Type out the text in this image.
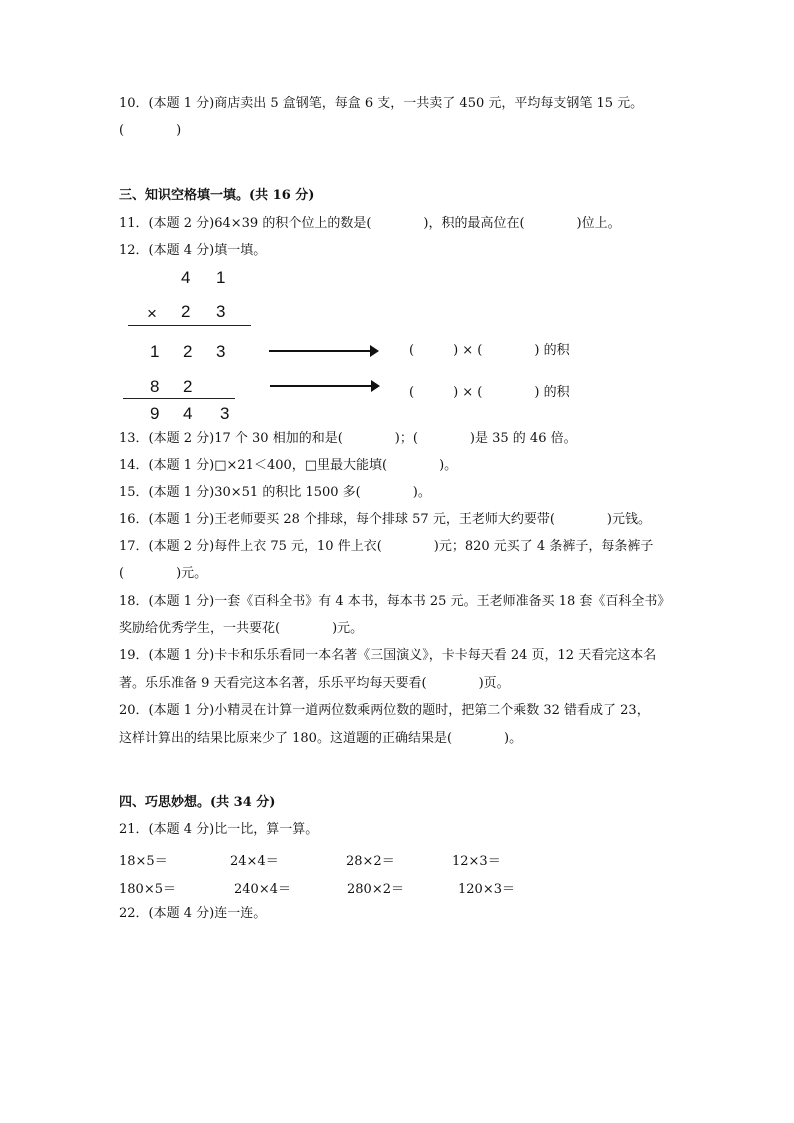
10．(本题 1 分)商店卖出 5 盒钢笔，每盒 6 支，一共卖了 450 元，平均每支钢笔 15 元。
(　　　　)
三、知识空格填一填。(共 16 分)
11．(本题 2 分)64×39 的积个位上的数是(　　　　)，积的最高位在(　　　　)位上。
12．(本题 4 分)填一填。
4 1
× 2 3
1 2 3
8 2
9 4 3
(　　　) × (　　　　) 的积
(　　　) × (　　　　) 的积
13．(本题 2 分)17 个 30 相加的和是(　　　　)；(　　　　)是 35 的 46 倍。
14．(本题 1 分)□×21＜400，□里最大能填(　　　　)。
15．(本题 1 分)30×51 的积比 1500 多(　　　　)。
16．(本题 1 分)王老师要买 28 个排球，每个排球 57 元，王老师大约要带(　　　　)元钱。
17．(本题 2 分)每件上衣 75 元，10 件上衣(　　　　)元；820 元买了 4 条裤子，每条裤子
(　　　　)元。
18．(本题 1 分)一套《百科全书》有 4 本书，每本书 25 元。王老师准备买 18 套《百科全书》
奖励给优秀学生，一共要花(　　　　)元。
19．(本题 1 分)卡卡和乐乐看同一本名著《三国演义》，卡卡每天看 24 页，12 天看完这本名
著。乐乐准备 9 天看完这本名著，乐乐平均每天要看(　　　　)页。
20．(本题 1 分)小精灵在计算一道两位数乘两位数的题时，把第二个乘数 32 错看成了 23，
这样计算出的结果比原来少了 180。这道题的正确结果是(　　　　)。
四、巧思妙想。(共 34 分)
21．(本题 4 分)比一比，算一算。
18×5＝	24×4＝	28×2＝	12×3＝
180×5＝	240×4＝	280×2＝	120×3＝
22．(本题 4 分)连一连。
